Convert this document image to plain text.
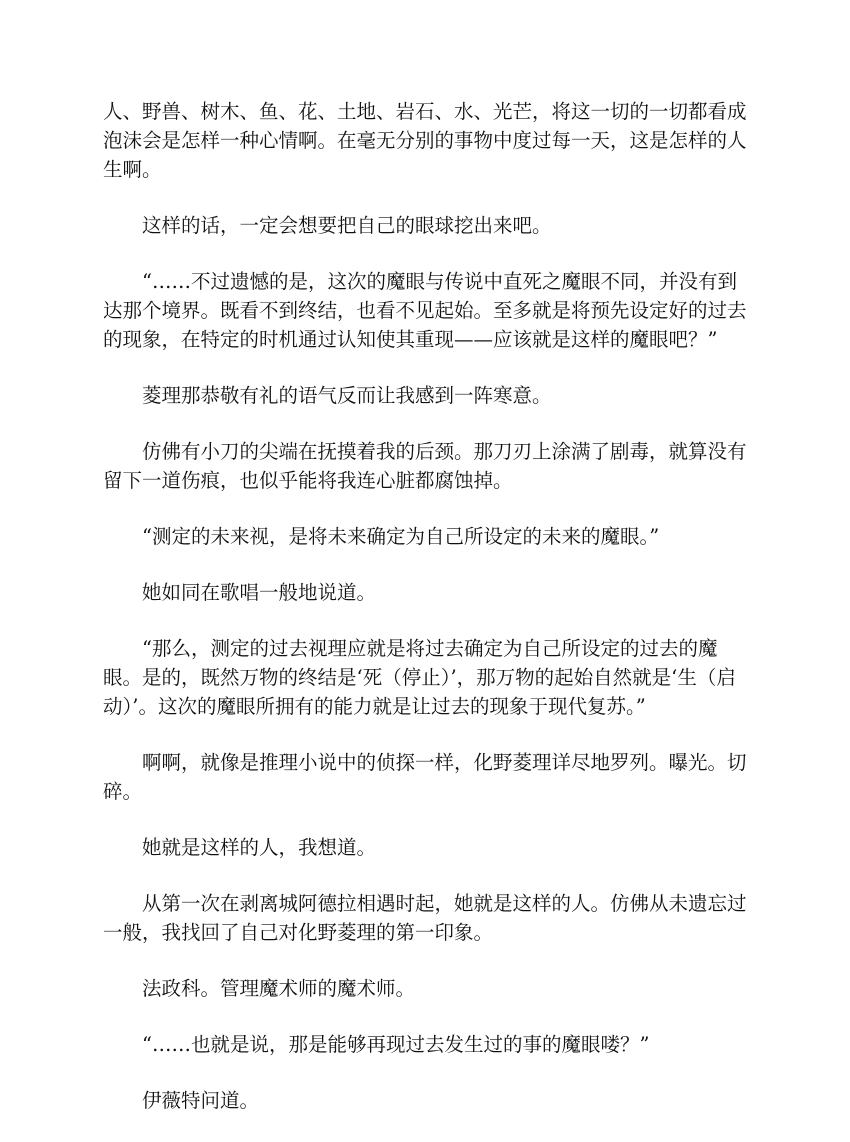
人、野兽、树木、鱼、花、土地、岩石、水、光芒，将这一切的一切都看成泡沫会是怎样一种心情啊。在毫无分别的事物中度过每一天，这是怎样的人生啊。

这样的话，一定会想要把自己的眼球挖出来吧。

“……不过遗憾的是，这次的魔眼与传说中直死之魔眼不同，并没有到达那个境界。既看不到终结，也看不见起始。至多就是将预先设定好的过去的现象，在特定的时机通过认知使其重现——应该就是这样的魔眼吧？”

菱理那恭敬有礼的语气反而让我感到一阵寒意。

仿佛有小刀的尖端在抚摸着我的后颈。那刀刃上涂满了剧毒，就算没有留下一道伤痕，也似乎能将我连心脏都腐蚀掉。

“测定的未来视，是将未来确定为自己所设定的未来的魔眼。”

她如同在歌唱一般地说道。

“那么，测定的过去视理应就是将过去确定为自己所设定的过去的魔眼。是的，既然万物的终结是‘死（停止）’，那万物的起始自然就是‘生（启动）’。这次的魔眼所拥有的能力就是让过去的现象于现代复苏。”

啊啊，就像是推理小说中的侦探一样，化野菱理详尽地罗列。曝光。切碎。

她就是这样的人，我想道。

从第一次在剥离城阿德拉相遇时起，她就是这样的人。仿佛从未遗忘过一般，我找回了自己对化野菱理的第一印象。

法政科。管理魔术师的魔术师。

“……也就是说，那是能够再现过去发生过的事的魔眼喽？”

伊薇特问道。
